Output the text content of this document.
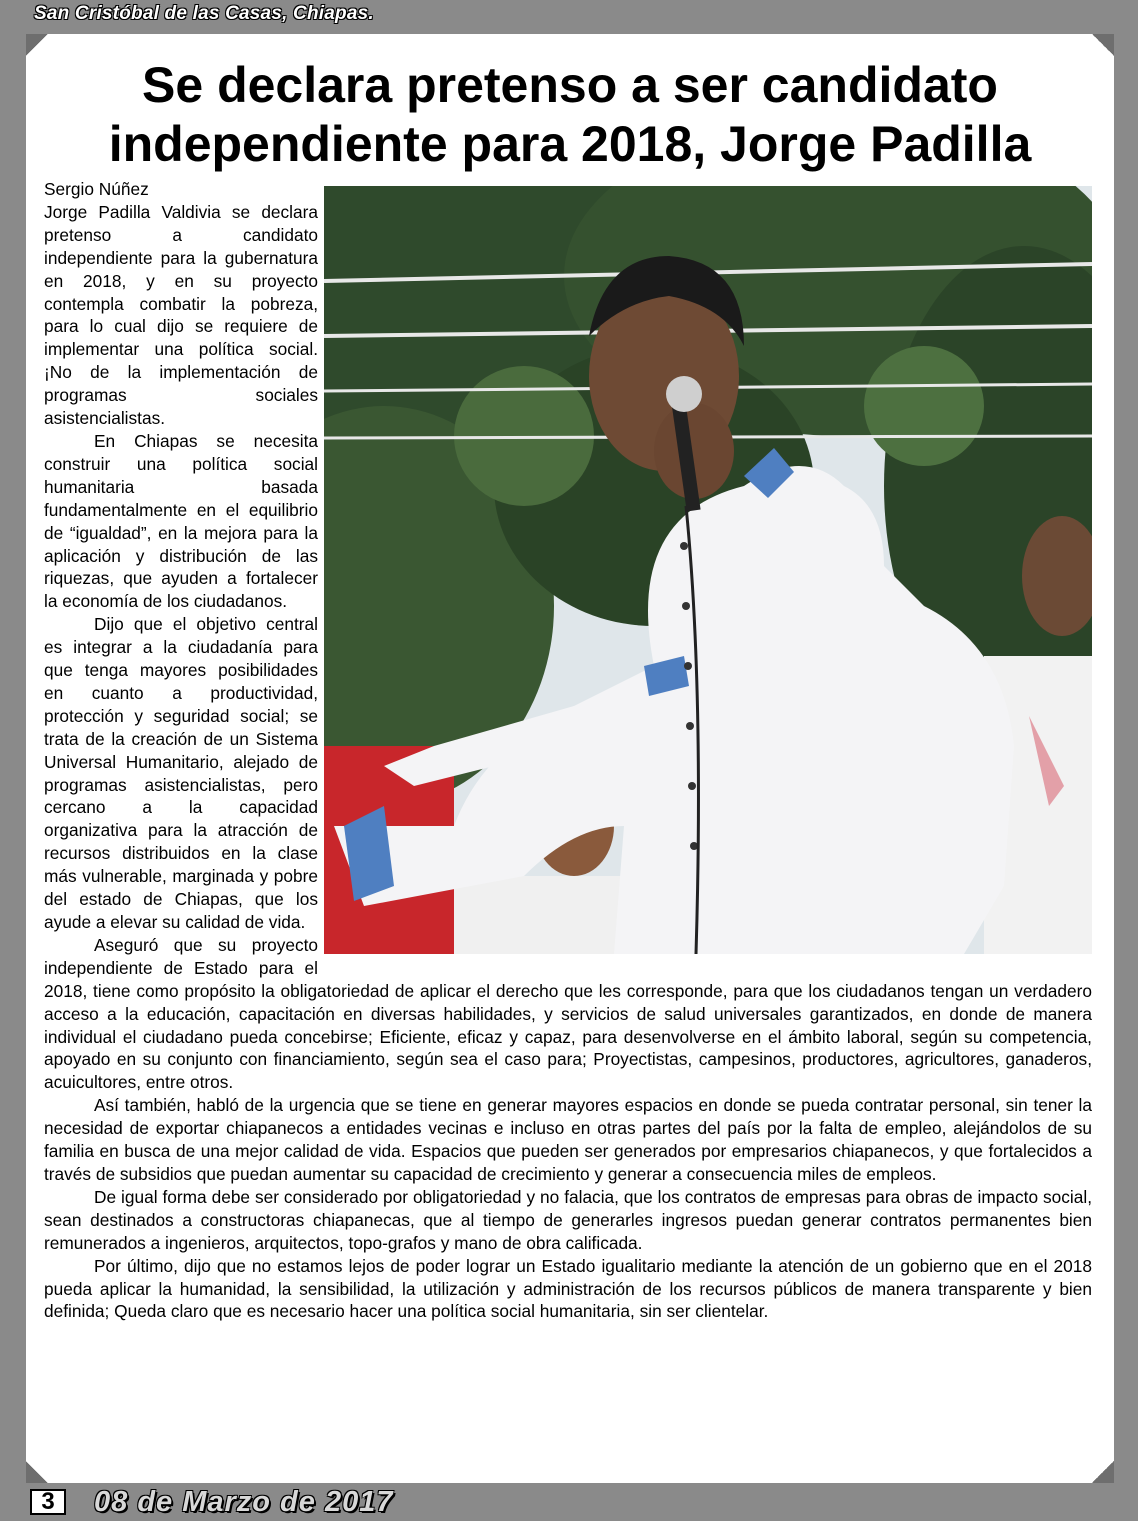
San Cristóbal de las Casas, Chiapas.
Se declara pretenso a ser candidato
independiente para 2018, Jorge Padilla
Sergio Núñez

Jorge Padilla Valdivia se declara pretenso a candidato independiente para la gubernatura en 2018, y en su proyecto contempla combatir la pobreza, para lo cual dijo se requiere de implementar una política social. ¡No de la implementación de programas sociales asistencialistas.

En Chiapas se necesita construir una política social humanitaria basada fundamentalmente en el equilibrio de “igualdad”, en la mejora para la aplicación y distribución de las riquezas, que ayuden a fortalecer la economía de los ciudadanos.

Dijo que el objetivo central es integrar a la ciudadanía para que tenga mayores posibilidades en cuanto a productividad, protección y seguridad social; se trata de la creación de un Sistema Universal Humanitario, alejado de programas asistencialistas, pero cercano a la capacidad organizativa para la atracción de recursos distribuidos en la clase más vulnerable, marginada y pobre del estado de Chiapas, que los ayude a elevar su calidad de vida.

Aseguró que su proyecto independiente de Estado para el 2018, tiene como propósito la obligatoriedad de aplicar el derecho que les corresponde, para que los ciudadanos tengan un verdadero acceso a la educación, capacitación en diversas habilidades, y servicios de salud universales garantizados, en donde de manera individual el ciudadano pueda concebirse; Eficiente, eficaz y capaz, para desenvolverse en el ámbito laboral, según su competencia, apoyado en su conjunto con financiamiento, según sea el caso para; Proyectistas, campesinos, productores, agricultores, ganaderos, acuicultores, entre otros.

Así también, habló de la urgencia que se tiene en generar mayores espacios en donde se pueda contratar personal, sin tener la necesidad de exportar chiapanecos a entidades vecinas e incluso en otras partes del país por la falta de empleo, alejándolos de su familia en busca de una mejor calidad de vida. Espacios que pueden ser generados por empresarios chiapanecos, y que fortalecidos a través de subsidios que puedan aumentar su capacidad de crecimiento y generar a consecuencia miles de empleos.

De igual forma debe ser considerado por obligatoriedad y no falacia, que los contratos de empresas para obras de impacto social, sean destinados a constructoras chiapanecas, que al tiempo de generarles ingresos puedan generar contratos permanentes bien remunerados a ingenieros, arquitectos, topo-grafos y mano de obra calificada.

Por último, dijo que no estamos lejos de poder lograr un Estado igualitario mediante la atención de un gobierno que en el 2018 pueda aplicar la humanidad, la sensibilidad, la utilización y administración de los recursos públicos de manera transparente y bien definida; Queda claro que es necesario hacer una política social humanitaria, sin ser clientelar.

3	08 de Marzo de 2017
